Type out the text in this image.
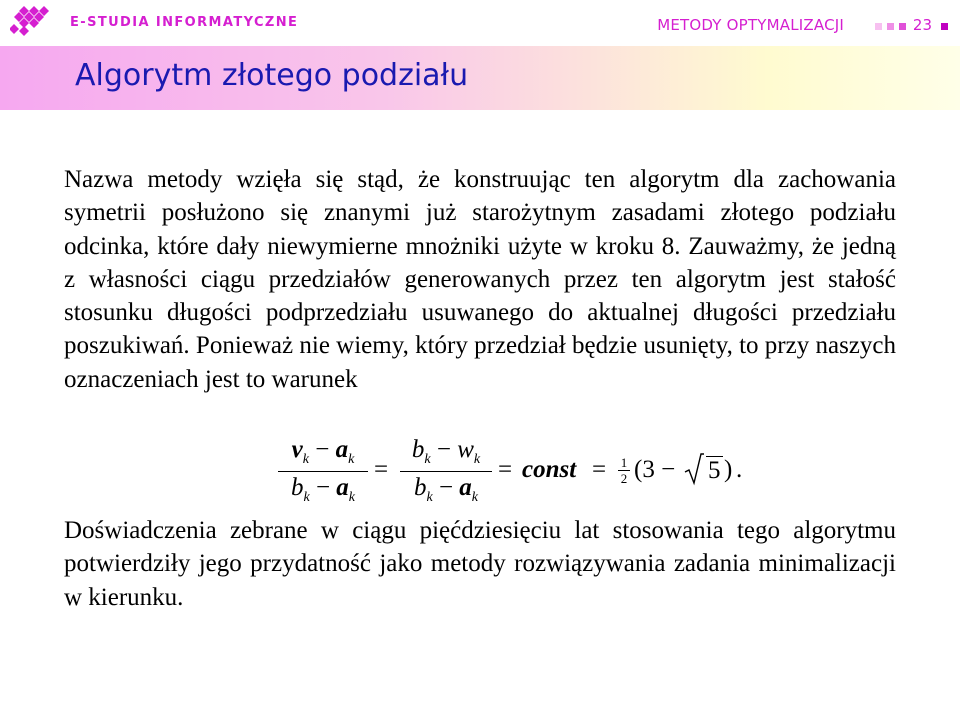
E-STUDIA INFORMATYCZNE	METODY OPTYMALIZACJI	23
Algorytm złotego podziału

Nazwa metody wzięła się stąd, że konstruując ten algorytm dla zachowania symetrii posłużono się znanymi już starożytnym zasadami złotego podziału odcinka, które dały niewymierne mnożniki użyte w kroku 8. Zauważmy, że jedną z własności ciągu przedziałów generowanych przez ten algorytm jest stałość stosunku długości podprzedziału usuwanego do aktualnej długości przedziału poszukiwań. Ponieważ nie wiemy, który przedział będzie usunięty, to przy naszych oznaczeniach jest to warunek

$v_k - a_k$
$b_k - a_k$
=
$b_k - w_k$
$b_k - a_k$
= const = 1
2 (3 − 5 ) .

Doświadczenia zebrane w ciągu pięćdziesięciu lat stosowania tego algorytmu potwierdziły jego przydatność jako metody rozwiązywania zadania minimalizacji w kierunku.
